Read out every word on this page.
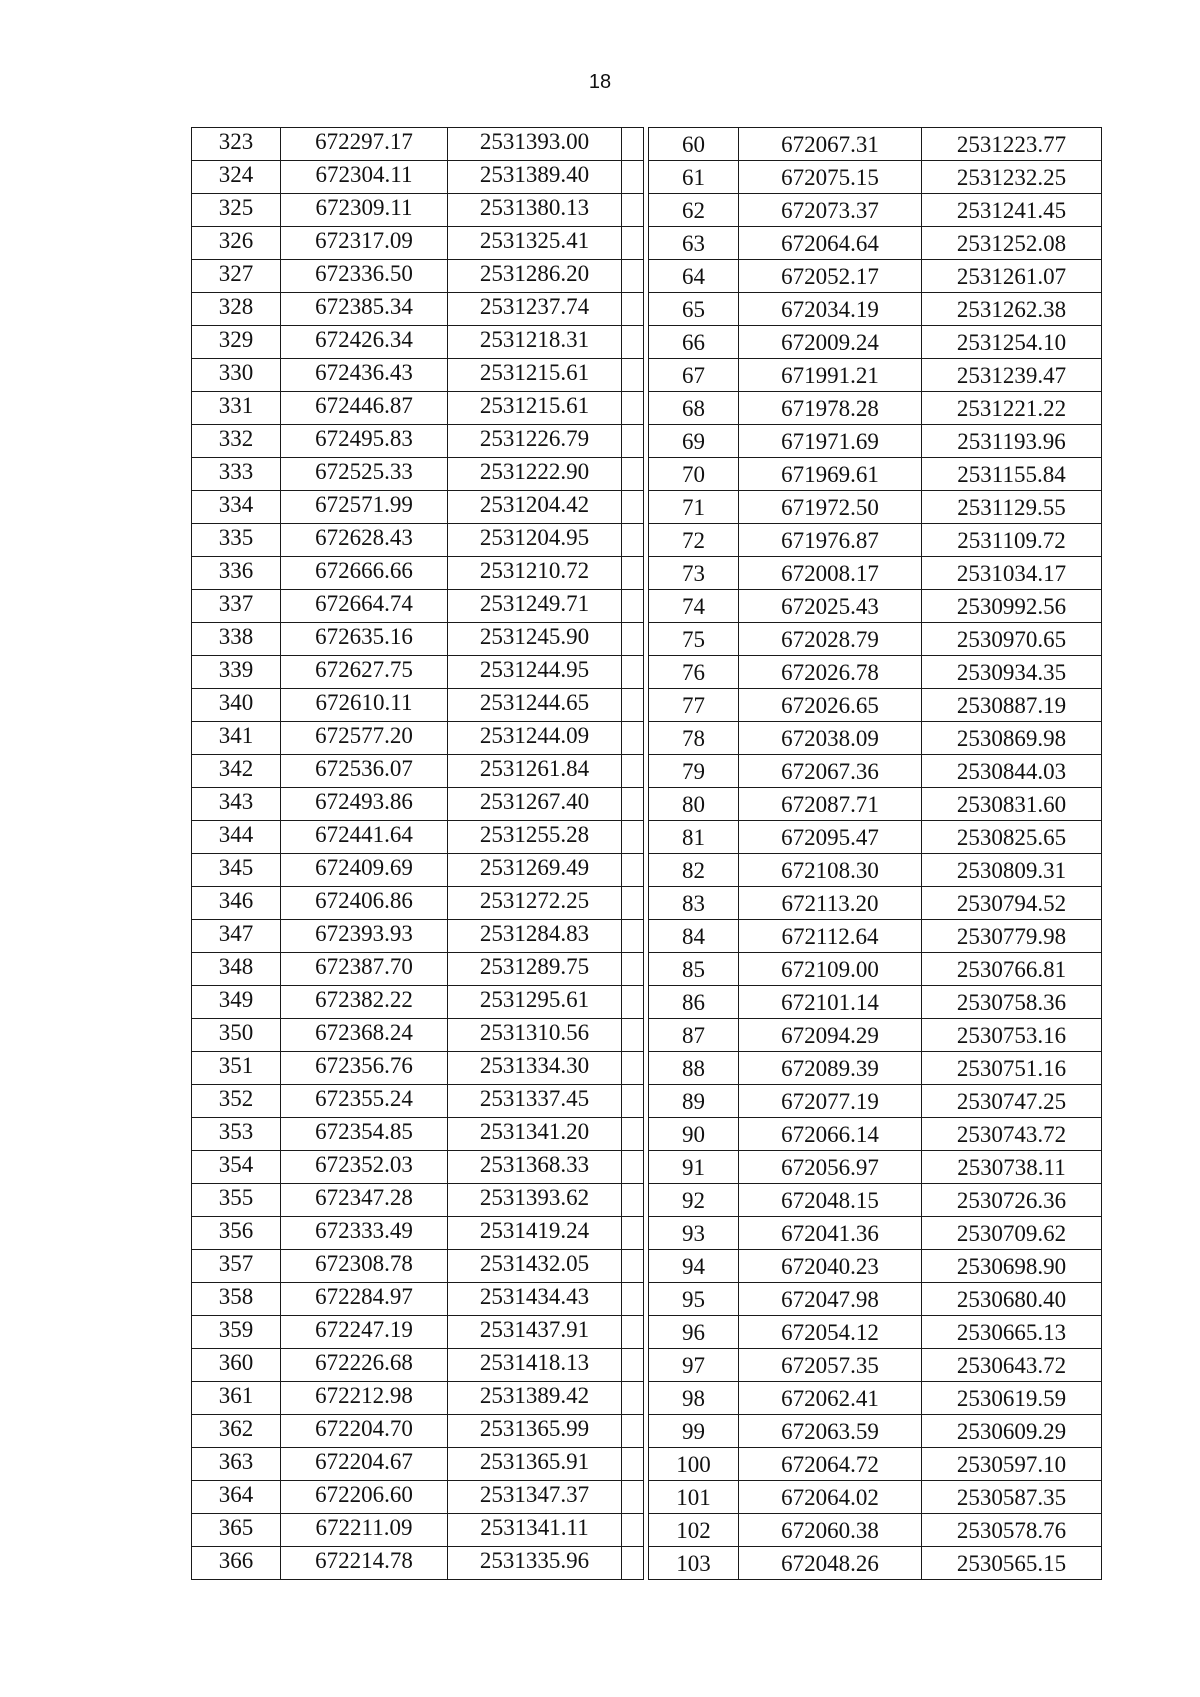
18
323	672297.17	2531393.00	
324	672304.11	2531389.40	
325	672309.11	2531380.13	
326	672317.09	2531325.41	
327	672336.50	2531286.20	
328	672385.34	2531237.74	
329	672426.34	2531218.31	
330	672436.43	2531215.61	
331	672446.87	2531215.61	
332	672495.83	2531226.79	
333	672525.33	2531222.90	
334	672571.99	2531204.42	
335	672628.43	2531204.95	
336	672666.66	2531210.72	
337	672664.74	2531249.71	
338	672635.16	2531245.90	
339	672627.75	2531244.95	
340	672610.11	2531244.65	
341	672577.20	2531244.09	
342	672536.07	2531261.84	
343	672493.86	2531267.40	
344	672441.64	2531255.28	
345	672409.69	2531269.49	
346	672406.86	2531272.25	
347	672393.93	2531284.83	
348	672387.70	2531289.75	
349	672382.22	2531295.61	
350	672368.24	2531310.56	
351	672356.76	2531334.30	
352	672355.24	2531337.45	
353	672354.85	2531341.20	
354	672352.03	2531368.33	
355	672347.28	2531393.62	
356	672333.49	2531419.24	
357	672308.78	2531432.05	
358	672284.97	2531434.43	
359	672247.19	2531437.91	
360	672226.68	2531418.13	
361	672212.98	2531389.42	
362	672204.70	2531365.99	
363	672204.67	2531365.91	
364	672206.60	2531347.37	
365	672211.09	2531341.11	
366	672214.78	2531335.96	
60	672067.31	2531223.77
61	672075.15	2531232.25
62	672073.37	2531241.45
63	672064.64	2531252.08
64	672052.17	2531261.07
65	672034.19	2531262.38
66	672009.24	2531254.10
67	671991.21	2531239.47
68	671978.28	2531221.22
69	671971.69	2531193.96
70	671969.61	2531155.84
71	671972.50	2531129.55
72	671976.87	2531109.72
73	672008.17	2531034.17
74	672025.43	2530992.56
75	672028.79	2530970.65
76	672026.78	2530934.35
77	672026.65	2530887.19
78	672038.09	2530869.98
79	672067.36	2530844.03
80	672087.71	2530831.60
81	672095.47	2530825.65
82	672108.30	2530809.31
83	672113.20	2530794.52
84	672112.64	2530779.98
85	672109.00	2530766.81
86	672101.14	2530758.36
87	672094.29	2530753.16
88	672089.39	2530751.16
89	672077.19	2530747.25
90	672066.14	2530743.72
91	672056.97	2530738.11
92	672048.15	2530726.36
93	672041.36	2530709.62
94	672040.23	2530698.90
95	672047.98	2530680.40
96	672054.12	2530665.13
97	672057.35	2530643.72
98	672062.41	2530619.59
99	672063.59	2530609.29
100	672064.72	2530597.10
101	672064.02	2530587.35
102	672060.38	2530578.76
103	672048.26	2530565.15
